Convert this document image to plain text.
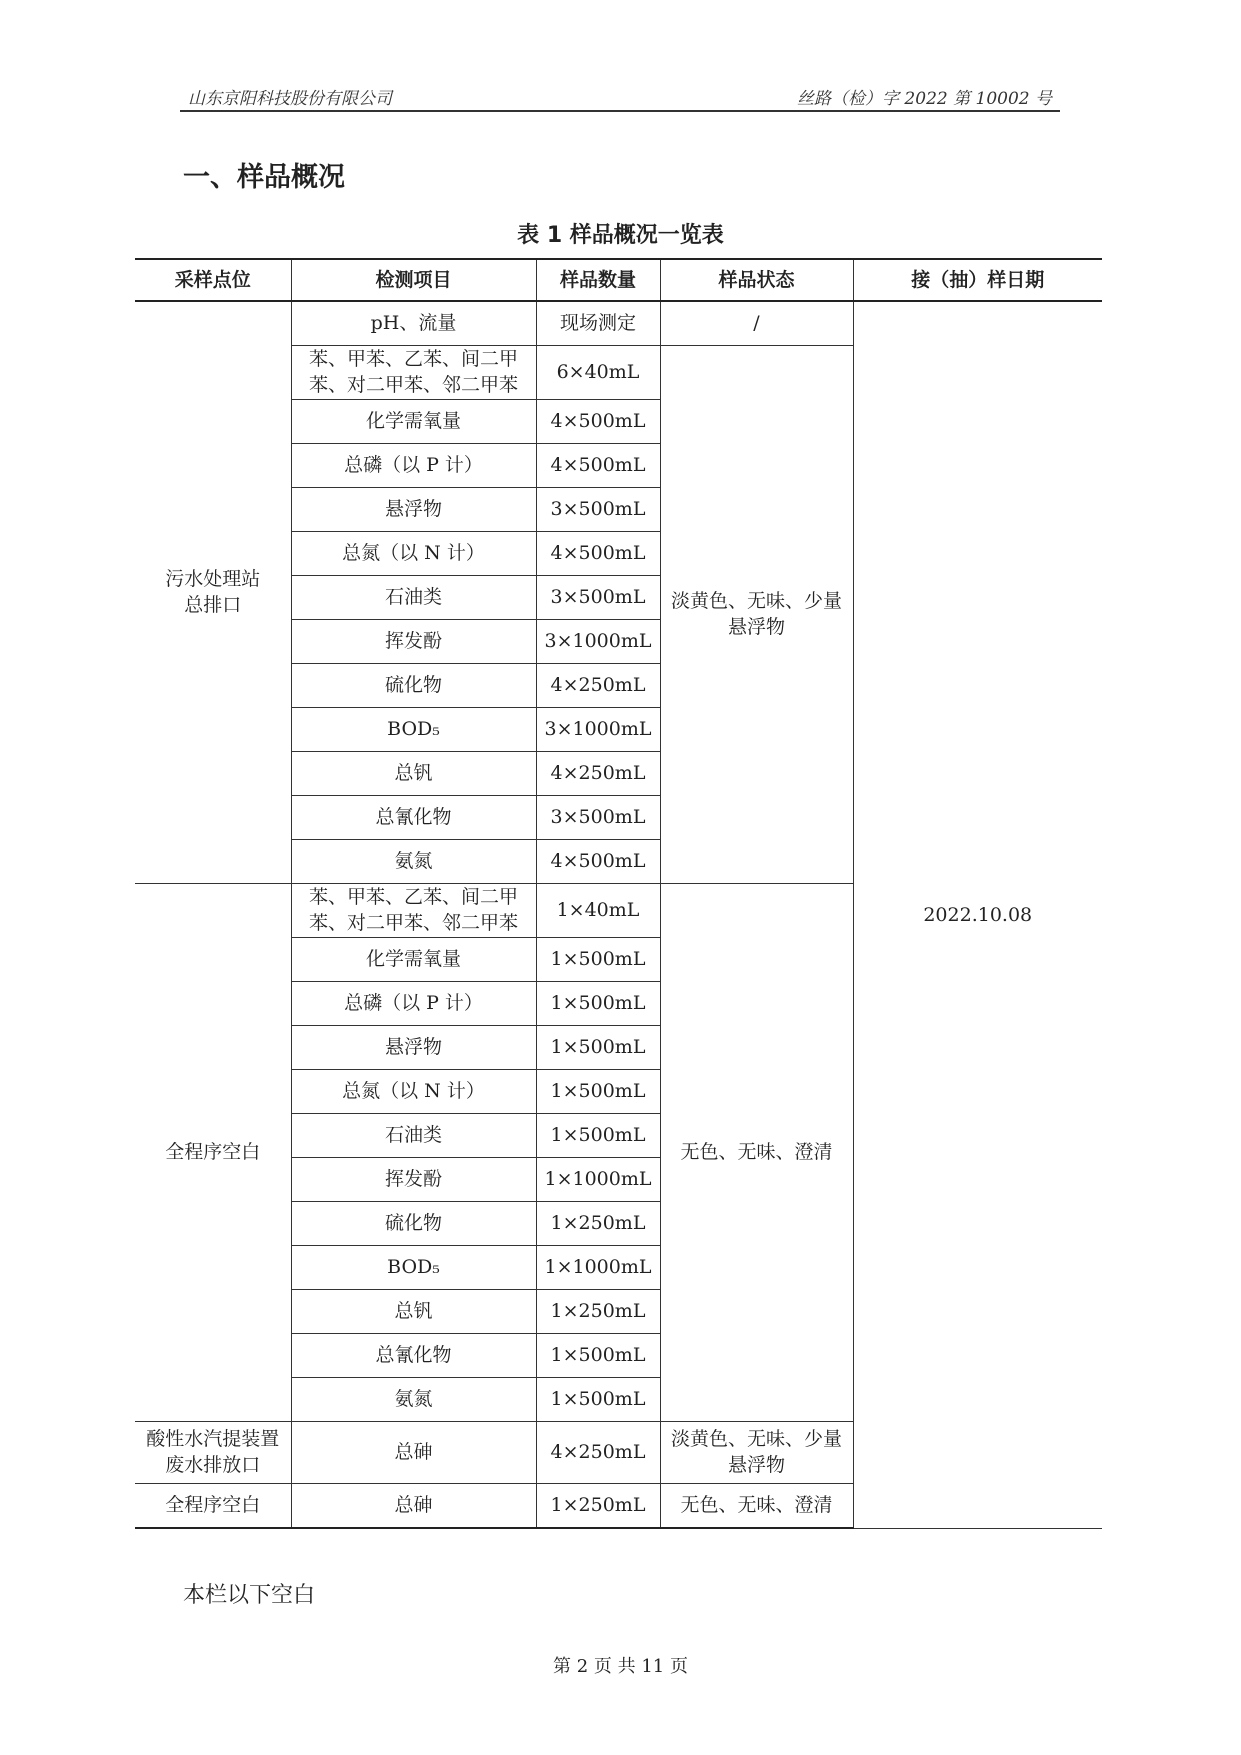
山东京阳科技股份有限公司	丝路（检）字 2022 第 10002 号
一、样品概况
表 1 样品概况一览表
采样点位	检测项目	样品数量	样品状态	接（抽）样日期
污水处理站
总排口	pH、流量	现场测定	/	2022.10.08
	苯、甲苯、乙苯、间二甲苯、对二甲苯、邻二甲苯	6×40mL	淡黄色、无味、少量悬浮物	
	化学需氧量	4×500mL		
	总磷（以 P 计）	4×500mL		
	悬浮物	3×500mL		
	总氮（以 N 计）	4×500mL		
	石油类	3×500mL		
	挥发酚	3×1000mL		
	硫化物	4×250mL		
	BOD₅	3×1000mL		
	总钒	4×250mL		
	总氰化物	3×500mL		
	氨氮	4×500mL		
全程序空白	苯、甲苯、乙苯、间二甲苯、对二甲苯、邻二甲苯	1×40mL	无色、无味、澄清	
	化学需氧量	1×500mL		
	总磷（以 P 计）	1×500mL		
	悬浮物	1×500mL		
	总氮（以 N 计）	1×500mL		
	石油类	1×500mL		
	挥发酚	1×1000mL		
	硫化物	1×250mL		
	BOD₅	1×1000mL		
	总钒	1×250mL		
	总氰化物	1×500mL		
	氨氮	1×500mL		
酸性水汽提装置废水排放口	总砷	4×250mL	淡黄色、无味、少量悬浮物	
全程序空白	总砷	1×250mL	无色、无味、澄清	
本栏以下空白
第 2 页 共 11 页
